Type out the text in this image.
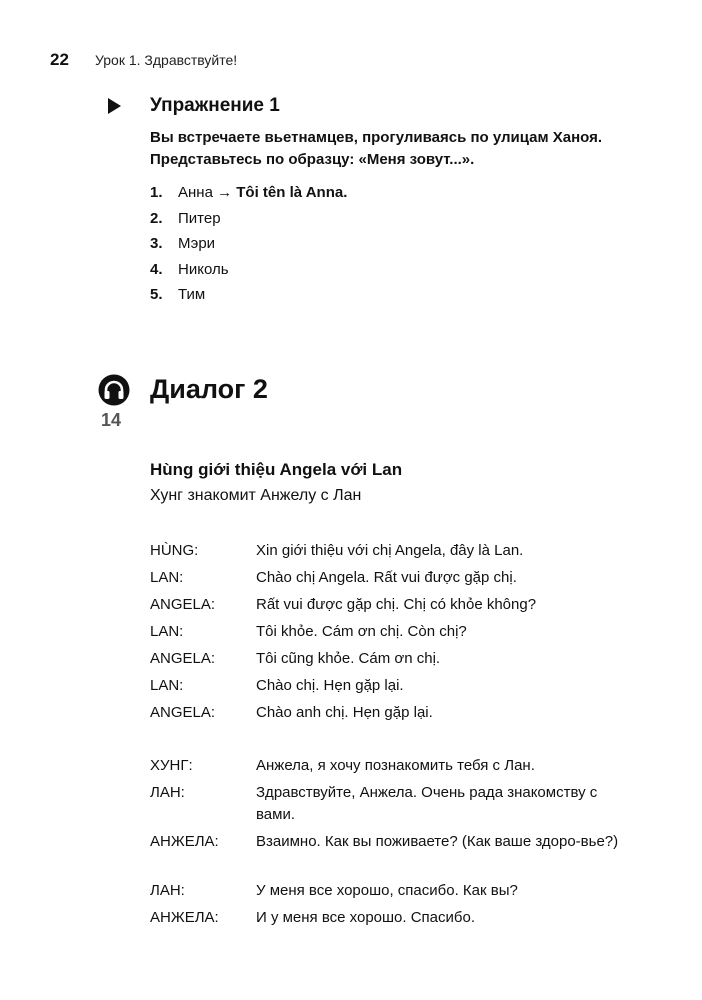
22 Урок 1. Здравствуйте!
Упражнение 1
Вы встречаете вьетнамцев, прогуливаясь по улицам Ханоя.
Представьтесь по образцу: «Меня зовут...».
1.	Анна → Tôi tên là Anna.
2.	Питер
3.	Мэри
4.	Николь
5.	Тим
14
Диалог 2
Hùng giới thiệu Angela với Lan
Хунг знакомит Анжелу с Лан
HÙNG:	Xin giới thiệu với chị Angela, đây là Lan.
LAN:	Chào chị Angela. Rất vui được gặp chị.
ANGELA:	Rất vui được gặp chị. Chị có khỏe không?
LAN:	Tôi khỏe. Cám ơn chị. Còn chị?
ANGELA:	Tôi cũng khỏe. Cám ơn chị.
LAN:	Chào chị. Hẹn gặp lại.
ANGELA:	Chào anh chị. Hẹn gặp lại.
ХУНГ:	Анжела, я хочу познакомить тебя с Лан.
ЛАН:	Здравствуйте, Анжела. Очень рада знакомству с вами.
АНЖЕЛА:	Взаимно. Как вы поживаете? (Как ваше здоро-вье?)
ЛАН:	У меня все хорошо, спасибо. Как вы?
АНЖЕЛА:	И у меня все хорошо. Спасибо.
